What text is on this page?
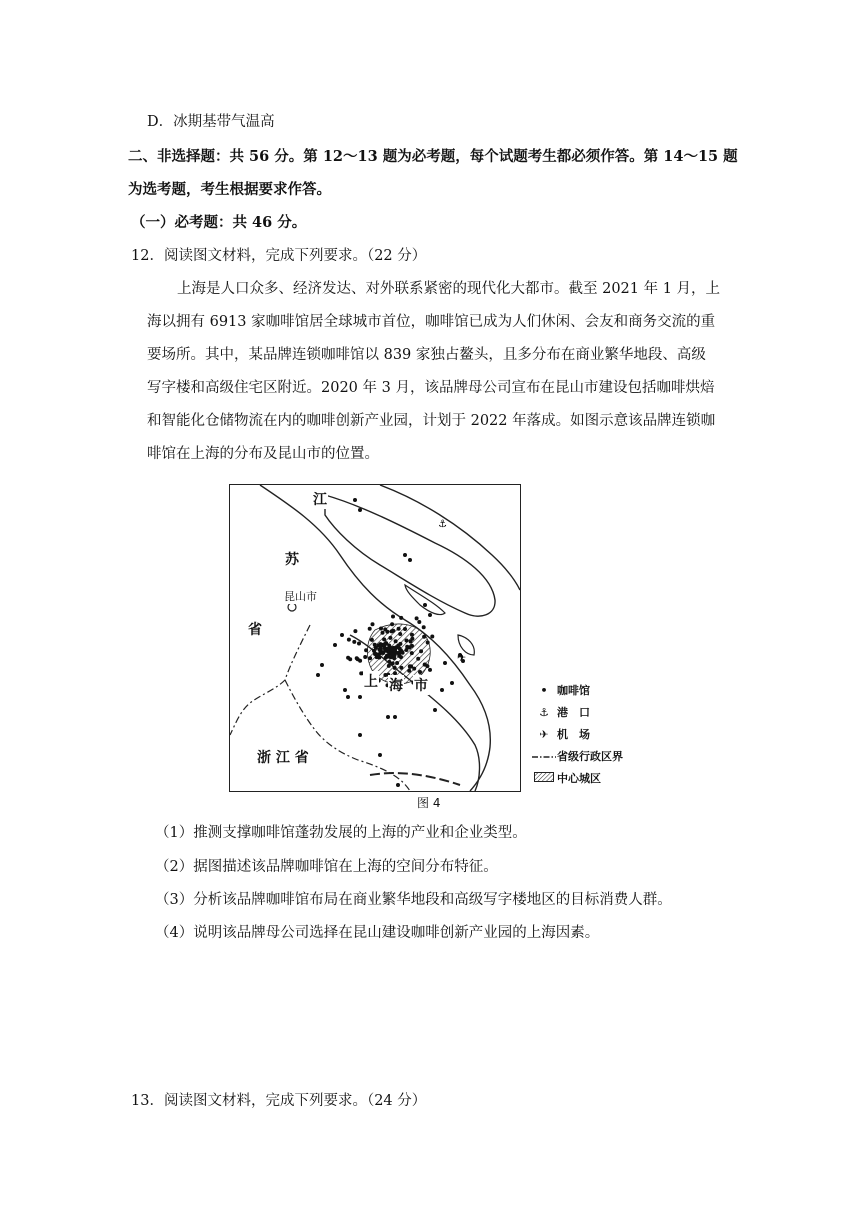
D．冰期基带气温高
二、非选择题：共 56 分。第 12～13 题为必考题，每个试题考生都必须作答。第 14～15 题
为选考题，考生根据要求作答。
（一）必考题：共 46 分。
12．阅读图文材料，完成下列要求。（22 分）
上海是人口众多、经济发达、对外联系紧密的现代化大都市。截至 2021 年 1 月，上
海以拥有 6913 家咖啡馆居全球城市首位，咖啡馆已成为人们休闲、会友和商务交流的重
要场所。其中，某品牌连锁咖啡馆以 839 家独占鳌头，且多分布在商业繁华地段、高级
写字楼和高级住宅区附近。2020 年 3 月，该品牌母公司宣布在昆山市建设包括咖啡烘焙
和智能化仓储物流在内的咖啡创新产业园，计划于 2022 年落成。如图示意该品牌连锁咖
啡馆在上海的分布及昆山市的位置。
⚓
✈
江
苏
昆山市
省
上 海 市
浙 江 省
• 咖啡馆
⚓ 港　口
✈ 机　场
省级行政区界
中心城区
图 4
（1）推测支撑咖啡馆蓬勃发展的上海的产业和企业类型。
（2）据图描述该品牌咖啡馆在上海的空间分布特征。
（3）分析该品牌咖啡馆布局在商业繁华地段和高级写字楼地区的目标消费人群。
（4）说明该品牌母公司选择在昆山建设咖啡创新产业园的上海因素。
13．阅读图文材料，完成下列要求。（24 分）
